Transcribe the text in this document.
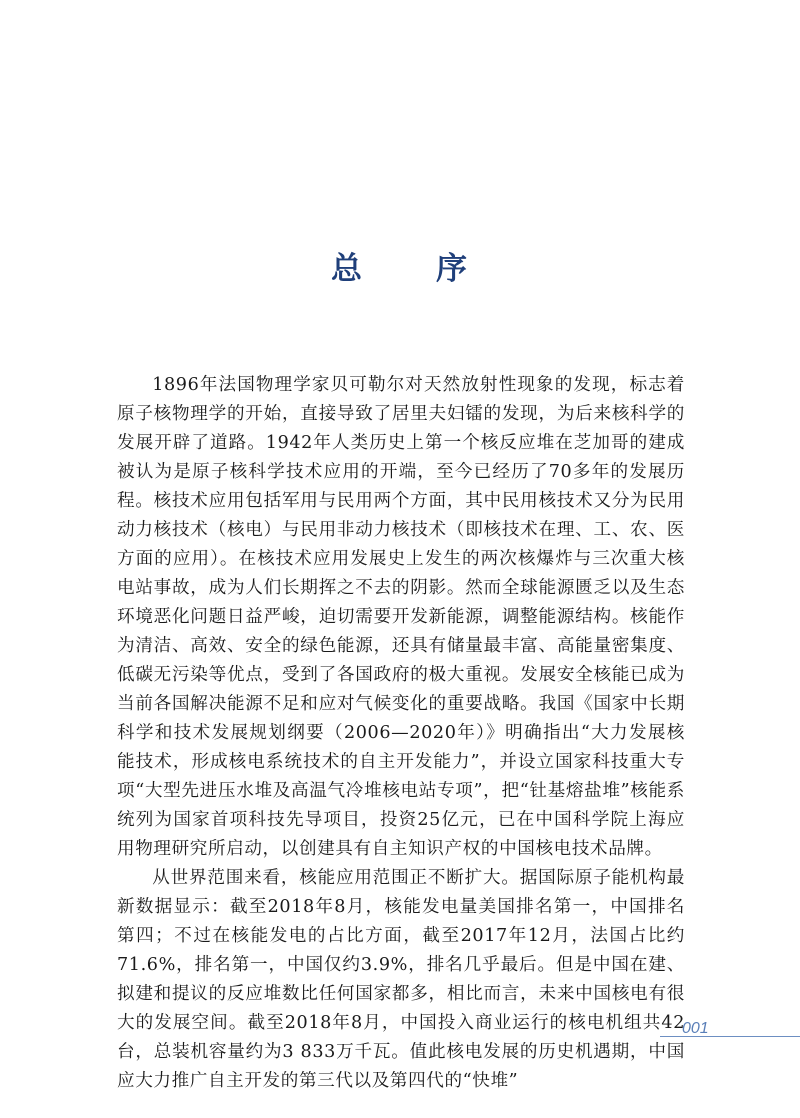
总 序

1896年法国物理学家贝可勒尔对天然放射性现象的发现，标志着原子核物理学的开始，直接导致了居里夫妇镭的发现，为后来核科学的发展开辟了道路。1942年人类历史上第一个核反应堆在芝加哥的建成被认为是原子核科学技术应用的开端，至今已经历了70多年的发展历程。核技术应用包括军用与民用两个方面，其中民用核技术又分为民用动力核技术（核电）与民用非动力核技术（即核技术在理、工、农、医方面的应用）。在核技术应用发展史上发生的两次核爆炸与三次重大核电站事故，成为人们长期挥之不去的阴影。然而全球能源匮乏以及生态环境恶化问题日益严峻，迫切需要开发新能源，调整能源结构。核能作为清洁、高效、安全的绿色能源，还具有储量最丰富、高能量密集度、低碳无污染等优点，受到了各国政府的极大重视。发展安全核能已成为当前各国解决能源不足和应对气候变化的重要战略。我国《国家中长期科学和技术发展规划纲要（2006—2020年）》明确指出“大力发展核能技术，形成核电系统技术的自主开发能力”，并设立国家科技重大专项“大型先进压水堆及高温气冷堆核电站专项”，把“钍基熔盐堆”核能系统列为国家首项科技先导项目，投资25亿元，已在中国科学院上海应用物理研究所启动，以创建具有自主知识产权的中国核电技术品牌。

从世界范围来看，核能应用范围正不断扩大。据国际原子能机构最新数据显示：截至2018年8月，核能发电量美国排名第一，中国排名第四；不过在核能发电的占比方面，截至2017年12月，法国占比约71.6%，排名第一，中国仅约3.9%，排名几乎最后。但是中国在建、拟建和提议的反应堆数比任何国家都多，相比而言，未来中国核电有很大的发展空间。截至2018年8月，中国投入商业运行的核电机组共42台，总装机容量约为3 833万千瓦。值此核电发展的历史机遇期，中国应大力推广自主开发的第三代以及第四代的“快堆”

001
